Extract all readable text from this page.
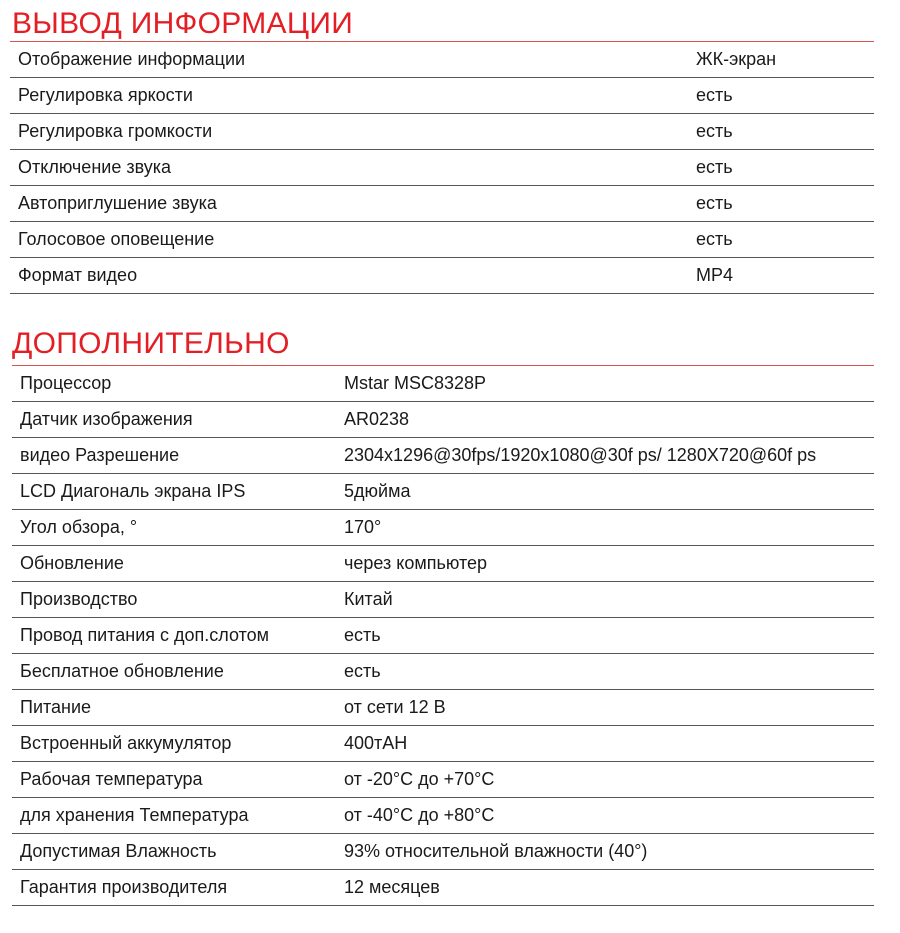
ВЫВОД ИНФОРМАЦИИ
Отображение информации	ЖК-экран
Регулировка яркости	есть
Регулировка громкости	есть
Отключение звука	есть
Автоприглушение звука	есть
Голосовое оповещение	есть
Формат видео	MP4
ДОПОЛНИТЕЛЬНО
Процессор	Mstar MSC8328P
Датчик изображения	AR0238
видео Разрешение	2304x1296@30fps/1920x1080@30f ps/ 1280X720@60f ps
LCD Диагональ экрана IPS	5дюйма
Угол обзора, °	170°
Обновление	через компьютер
Производство	Китай
Провод питания с доп.слотом	есть
Бесплатное обновление	есть
Питание	от сети 12 В
Встроенный аккумулятор	400тАН
Рабочая температура	от -20°C до +70°C
для хранения Температура	от -40°C до +80°C
Допустимая Влажность	93% относительной влажности (40°)
Гарантия производителя	12 месяцев
